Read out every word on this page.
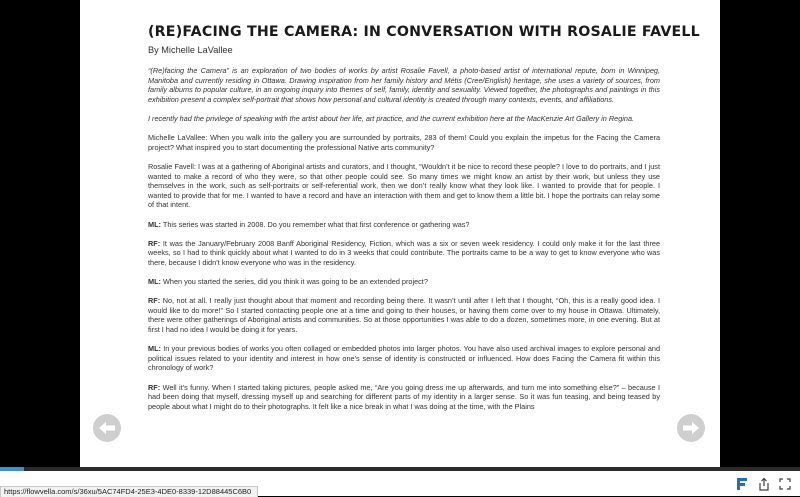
(RE)FACING THE CAMERA: IN CONVERSATION WITH ROSALIE FAVELL
By Michelle LaVallee

“(Re)facing the Camera” is an exploration of two bodies of works by artist Rosalie Favell, a photo-based artist of international repute, born in Winnipeg, Manitoba and currently residing in Ottawa. Drawing inspiration from her family history and Métis (Cree/English) heritage, she uses a variety of sources, from family albums to popular culture, in an ongoing inquiry into themes of self, family, identity and sexuality. Viewed together, the photographs and paintings in this exhibition present a complex self-portrait that shows how personal and cultural identity is created through many contexts, events, and affiliations.

I recently had the privilege of speaking with the artist about her life, art practice, and the current exhibition here at the MacKenzie Art Gallery in Regina.

Michelle LaVallee: When you walk into the gallery you are surrounded by portraits, 283 of them! Could you explain the impetus for the Facing the Camera project? What inspired you to start documenting the professional Native arts community?

Rosalie Favell: I was at a gathering of Aboriginal artists and curators, and I thought, “Wouldn’t it be nice to record these people? I love to do portraits, and I just wanted to make a record of who they were, so that other people could see. So many times we might know an artist by their work, but unless they use themselves in the work, such as self-portraits or self-referential work, then we don’t really know what they look like. I wanted to provide that for people. I wanted to provide that for me. I wanted to have a record and have an interaction with them and get to know them a little bit. I hope the portraits can relay some of that intent.

ML: This series was started in 2008. Do you remember what that first conference or gathering was?

RF: It was the January/February 2008 Banff Aboriginal Residency, Fiction, which was a six or seven week residency. I could only make it for the last three weeks, so I had to think quickly about what I wanted to do in 3 weeks that could contribute. The portraits came to be a way to get to know everyone who was there, because I didn’t know everyone who was in the residency.

ML: When you started the series, did you think it was going to be an extended project?

RF: No, not at all. I really just thought about that moment and recording being there. It wasn’t until after I left that I thought, “Oh, this is a really good idea. I would like to do more!” So I started contacting people one at a time and going to their houses, or having them come over to my house in Ottawa. Ultimately, there were other gatherings of Aboriginal artists and communities. So at those opportunities I was able to do a dozen, sometimes more, in one evening. But at first I had no idea I would be doing it for years.

ML: In your previous bodies of works you often collaged or embedded photos into larger photos. You have also used archival images to explore personal and political issues related to your identity and interest in how one’s sense of identity is constructed or influenced. How does Facing the Camera fit within this chronology of work?

RF: Well it’s funny. When I started taking pictures, people asked me, “Are you going dress me up afterwards, and turn me into something else?” – because I had been doing that myself, dressing myself up and searching for different parts of my identity in a larger sense. So it was fun teasing, and being teased by people about what I might do to their photographs. It felt like a nice break in what I was doing at the time, with the Plains

https://flowvella.com/s/36xu/5AC74FD4-25E3-4DE0-8339-12D88445C6B0
